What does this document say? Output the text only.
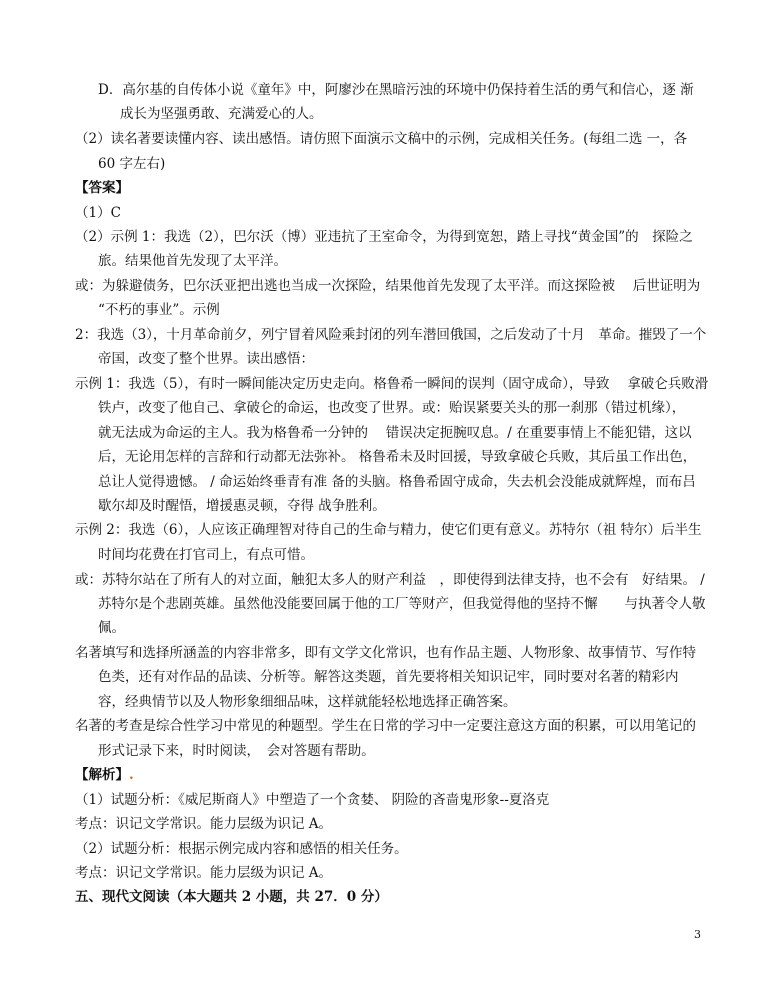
D．高尔基的自传体小说《童年》中，阿廖沙在黑暗污浊的环境中仍保持着生活的勇气和信心，逐 渐

成长为坚强勇敢、充满爱心的人。

（2）读名著要读懂内容、读出感悟。请仿照下面演示文稿中的示例，完成相关任务。(每组二选 一，各

60 字左右)

【答案】

（1）C

（2）示例 1：我选（2），巴尔沃（博）亚违抗了王室命令，为得到宽恕，踏上寻找“黄金国”的　探险之

旅。结果他首先发现了太平洋。

或：为躲避债务，巴尔沃亚把出逃也当成一次探险，结果他首先发现了太平洋。而这探险被　 后世证明为

“不朽的事业”。示例

2：我选（3），十月革命前夕，列宁冒着风险乘封闭的列车潜回俄国，之后发动了十月　革命。摧毁了一个

帝国，改变了整个世界。读出感悟：

示例 1：我选（5），有时一瞬间能决定历史走向。格鲁希一瞬间的误判（固守成命），导致　 拿破仑兵败滑

铁卢，改变了他自己、拿破仑的命运，也改变了世界。或：贻误紧要关头的那一刹那（错过机缘），

就无法成为命运的主人。我为格鲁希一分钟的　 错误决定扼腕叹息。/ 在重要事情上不能犯错，这以

后，无论用怎样的言辞和行动都无法弥补。 格鲁希未及时回援，导致拿破仑兵败，其后虽工作出色，

总让人觉得遗憾。 / 命运始终垂青有准 备的头脑。格鲁希固守成命，失去机会没能成就辉煌，而布吕

歇尔却及时醒悟，增援惠灵顿，夺得 战争胜利。

示例 2：我选（6），人应该正确理智对待自己的生命与精力，使它们更有意义。苏特尔（祖 特尔）后半生

时间均花费在打官司上，有点可惜。

或：苏特尔站在了所有人的对立面，触犯太多人的财产利益　，即使得到法律支持，也不会有　好结果。 /

苏特尔是个悲剧英雄。虽然他没能要回属于他的工厂等财产，但我觉得他的坚持不懈　　与执著令人敬

佩。

名著填写和选择所涵盖的内容非常多，即有文学文化常识，也有作品主题、人物形象、故事情节、写作特

色类，还有对作品的品读、分析等。解答这类题，首先要将相关知识记牢，同时要对名著的精彩内

容，经典情节以及人物形象细细品味，这样就能轻松地选择正确答案。

名著的考查是综合性学习中常见的种题型。学生在日常的学习中一定要注意这方面的积累，可以用笔记的

形式记录下来，时时阅读，　会对答题有帮助。

【解析】.

（1）试题分析：《威尼斯商人》中塑造了一个贪婪、 阴险的吝啬鬼形象--夏洛克

考点：识记文学常识。能力层级为识记 A。

（2）试题分析：根据示例完成内容和感悟的相关任务。

考点：识记文学常识。能力层级为识记 A。

五、现代文阅读（本大题共 2 小题，共 27．0 分）

3
